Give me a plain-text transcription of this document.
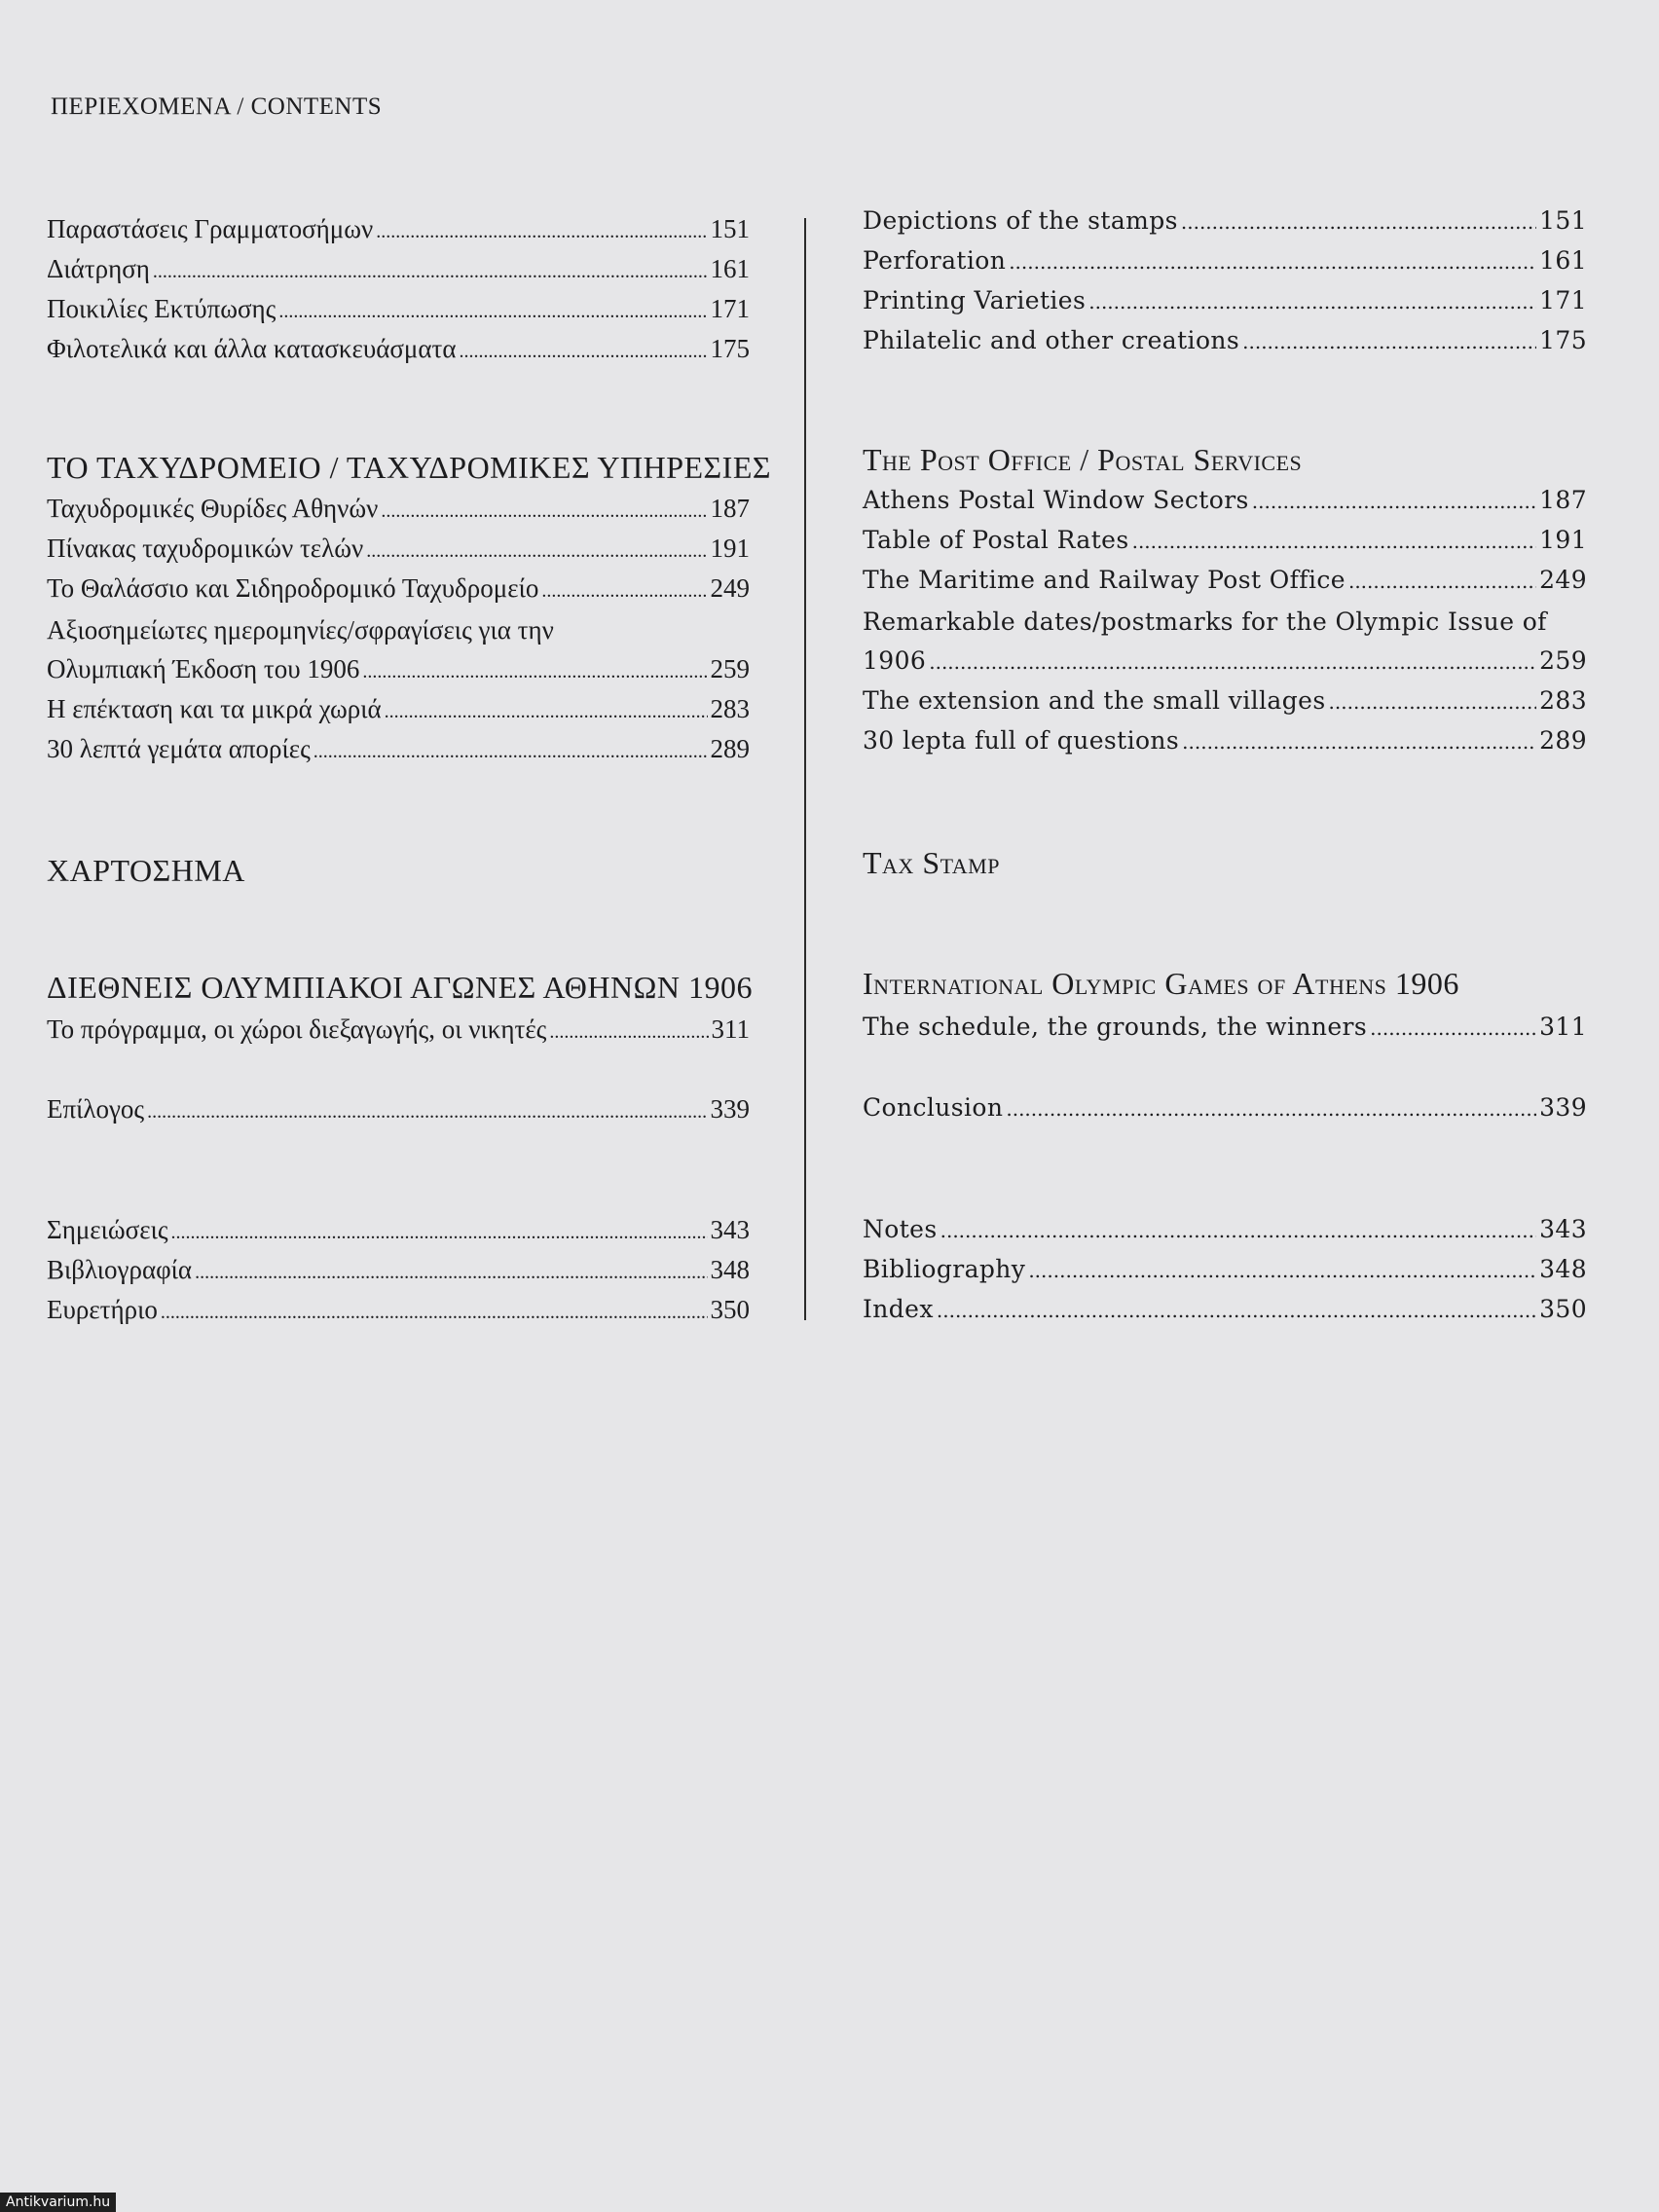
ΠΕΡΙΕΧΟΜΕΝΑ / CONTENTS
Παραστάσεις Γραμματοσήμων .....	151
Διάτρηση .....	161
Ποικιλίες Εκτύπωσης .....	171
Φιλοτελικά και άλλα κατασκευάσματα .....	175
ΤΟ ΤΑΧΥΔΡΟΜΕΙΟ / ΤΑΧΥΔΡΟΜΙΚΕΣ ΥΠΗΡΕΣΙΕΣ
Ταχυδρομικές Θυρίδες Αθηνών .....	187
Πίνακας ταχυδρομικών τελών .....	191
Το Θαλάσσιο και Σιδηροδρομικό Ταχυδρομείο .....	249
Αξιοσημείωτες ημερομηνίες/σφραγίσεις για την
Ολυμπιακή Έκδοση του 1906 .....	259
Η επέκταση και τα μικρά χωριά .....	283
30 λεπτά γεμάτα απορίες .....	289
ΧΑΡΤΟΣΗΜΑ
ΔΙΕΘΝΕΙΣ ΟΛΥΜΠΙΑΚΟΙ ΑΓΩΝΕΣ ΑΘΗΝΩΝ 1906
Το πρόγραμμα, οι χώροι διεξαγωγής, οι νικητές .....	311
Επίλογος .....	339
Σημειώσεις .....	343
Βιβλιογραφία .....	348
Ευρετήριο .....	350
Depictions of the stamps .....	151
Perforation .....	161
Printing Varieties .....	171
Philatelic and other creations .....	175
The Post Office / Postal Services
Athens Postal Window Sectors .....	187
Table of Postal Rates .....	191
The Maritime and Railway Post Office .....	249
Remarkable dates/postmarks for the Olympic Issue of
1906 .....	259
The extension and the small villages .....	283
30 lepta full of questions .....	289
Tax Stamp
International Olympic Games of Athens 1906
The schedule, the grounds, the winners .....	311
Conclusion .....	339
Notes .....	343
Bibliography .....	348
Index .....	350
Antikvarium.hu
